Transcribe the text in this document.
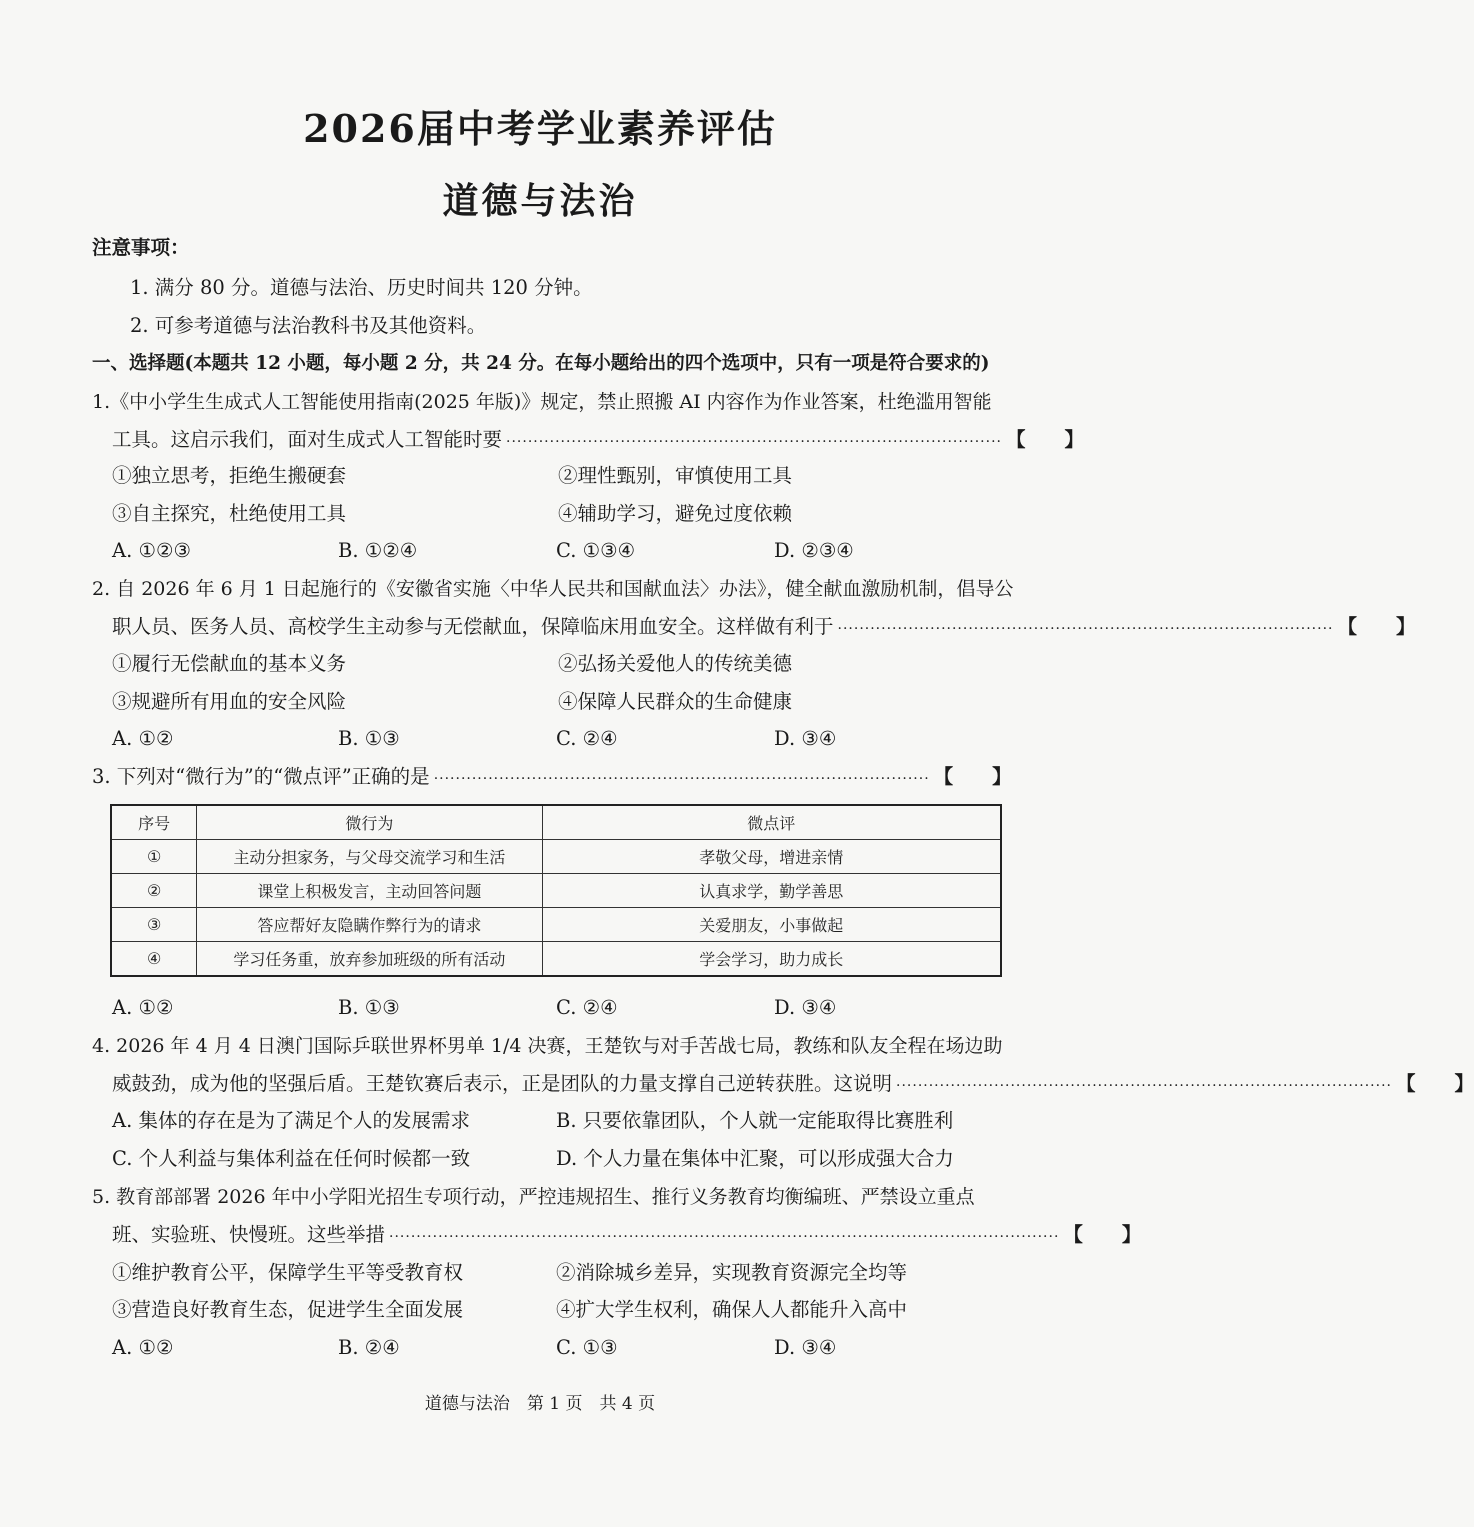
2026届中考学业素养评估
道德与法治
注意事项：
1. 满分 80 分。道德与法治、历史时间共 120 分钟。
2. 可参考道德与法治教科书及其他资料。
一、选择题(本题共 12 小题，每小题 2 分，共 24 分。在每小题给出的四个选项中，只有一项是符合要求的)
1.《中小学生生成式人工智能使用指南(2025 年版)》规定，禁止照搬 AI 内容作为作业答案，杜绝滥用智能
工具。这启示我们，面对生成式人工智能时要 ··························································································· 【　　】
①独立思考，拒绝生搬硬套	②理性甄别，审慎使用工具
③自主探究，杜绝使用工具	④辅助学习，避免过度依赖
A. ①②③	B. ①②④	C. ①③④	D. ②③④
2. 自 2026 年 6 月 1 日起施行的《安徽省实施〈中华人民共和国献血法〉办法》，健全献血激励机制，倡导公
职人员、医务人员、高校学生主动参与无偿献血，保障临床用血安全。这样做有利于 ··························································································· 【　　】
①履行无偿献血的基本义务	②弘扬关爱他人的传统美德
③规避所有用血的安全风险	④保障人民群众的生命健康
A. ①②	B. ①③	C. ②④	D. ③④
3. 下列对“微行为”的“微点评”正确的是 ··························································································· 【　　】
序号	微行为	微点评
①	主动分担家务，与父母交流学习和生活	孝敬父母，增进亲情
②	课堂上积极发言，主动回答问题	认真求学，勤学善思
③	答应帮好友隐瞒作弊行为的请求	关爱朋友，小事做起
④	学习任务重，放弃参加班级的所有活动	学会学习，助力成长
A. ①②	B. ①③	C. ②④	D. ③④
4. 2026 年 4 月 4 日澳门国际乒联世界杯男单 1/4 决赛，王楚钦与对手苦战七局，教练和队友全程在场边助
威鼓劲，成为他的坚强后盾。王楚钦赛后表示，正是团队的力量支撑自己逆转获胜。这说明 ··························································································· 【　　】
A. 集体的存在是为了满足个人的发展需求	B. 只要依靠团队，个人就一定能取得比赛胜利
C. 个人利益与集体利益在任何时候都一致	D. 个人力量在集体中汇聚，可以形成强大合力
5. 教育部部署 2026 年中小学阳光招生专项行动，严控违规招生、推行义务教育均衡编班、严禁设立重点
班、实验班、快慢班。这些举措 ··························································································································· 【　　】
①维护教育公平，保障学生平等受教育权	②消除城乡差异，实现教育资源完全均等
③营造良好教育生态，促进学生全面发展	④扩大学生权利，确保人人都能升入高中
A. ①②	B. ②④	C. ①③	D. ③④
道德与法治　第 1 页　共 4 页
